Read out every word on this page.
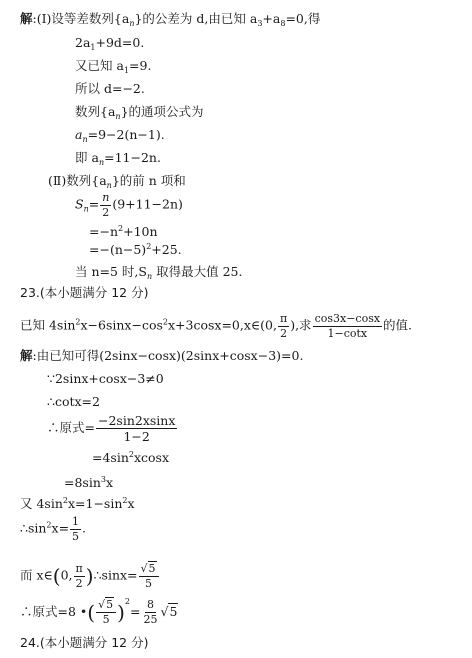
解:(Ⅰ)设等差数列$\{a_n\}$的公差为 d,由已知 $a_3+a_8=0$,得
$2a_1+9d=0$.
又已知 $a_1=9$.
所以 d=−2.
数列$\{a_n\}$的通项公式为
$a_n=9-2(n-1)$.
即 $a_n=11-2n$.
(Ⅱ)数列$\{a_n\}$的前 n 项和
$S_n= \frac{n}{2} (9+11-2n)$
$=-n^2+10n$
$=-(n-5)^2+25$.
当 n=5 时$,S_n$ 取得最大值 25.
23.(本小题满分 12 分)
已知 $4\sin^2x-6\sin x-\cos^2x+3\cos x=0,x\in(0$, $\frac{\pi}{2}$ ),求 $\frac{\cos 3x-\cos x}{1-\cot x}$ 的值.
解:由已知可得(2sinx−cosx)(2sinx+cosx−3)=0.
∵2sinx+cosx−3≠0
∴cotx=2
∴原式= $\frac{-2\sin 2xsinx}{1-2}$
$=4\sin^2xcosx$
$=8\sin^3x$
又 $4\sin^2x=1-\sin^2x$
$\therefore\sin^2x= \frac{1}{5}$ .
而 x∈(0, $\frac{\pi}{2}$ )∴sinx= $\frac{√5}{5}$
∴原式=8 •( $\frac{√5}{5} )^2= \frac{8}{25} √5$
24.(本小题满分 12 分)
